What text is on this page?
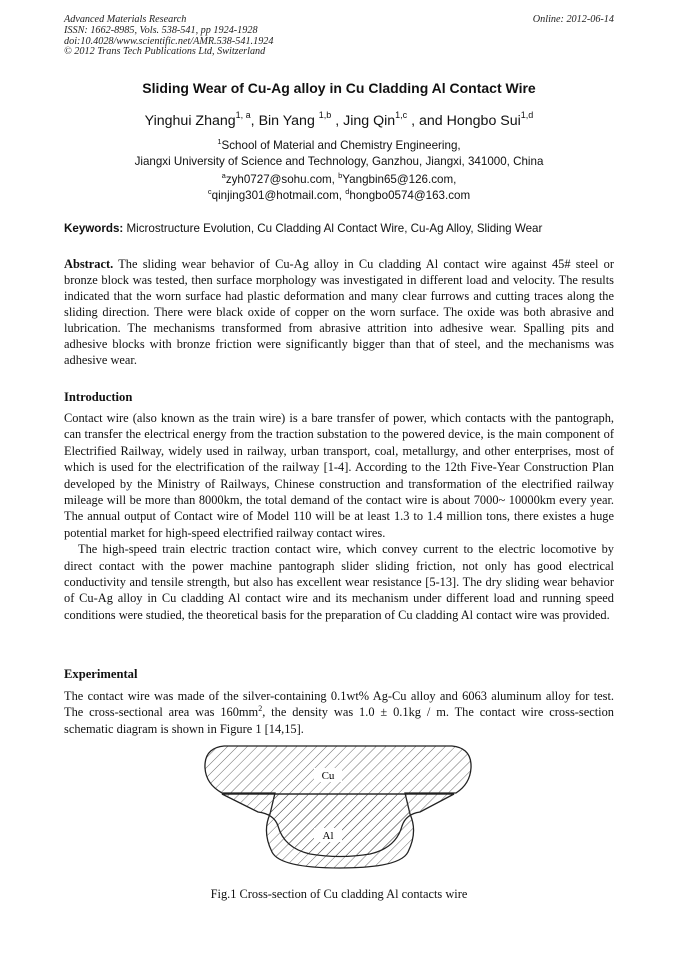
Advanced Materials Research
ISSN: 1662-8985, Vols. 538-541, pp 1924-1928
doi:10.4028/www.scientific.net/AMR.538-541.1924
© 2012 Trans Tech Publications Ltd, Switzerland
Online: 2012-06-14
Sliding Wear of Cu-Ag alloy in Cu Cladding Al Contact Wire
Yinghui Zhang$^{1, a}$, Bin Yang $^{1,b}$ , Jing Qin$^{1,c}$ , and Hongbo Sui$^{1,d}$
$^1$School of Material and Chemistry Engineering,
Jiangxi University of Science and Technology, Ganzhou, Jiangxi, 341000, China
$^a$zyh0727@sohu.com, $^b$Yangbin65@126.com,
$^c$qinjing301@hotmail.com, $^d$hongbo0574@163.com
Keywords: Microstructure Evolution, Cu Cladding Al Contact Wire, Cu-Ag Alloy, Sliding Wear
Abstract. The sliding wear behavior of Cu-Ag alloy in Cu cladding Al contact wire against 45# steel or bronze block was tested, then surface morphology was investigated in different load and velocity. The results indicated that the worn surface had plastic deformation and many clear furrows and cutting traces along the sliding direction. There were black oxide of copper on the worn surface. The oxide was both abrasive and lubrication. The mechanisms transformed from abrasive attrition into adhesive wear. Spalling pits and adhesive blocks with bronze friction were significantly bigger than that of steel, and the mechanisms was adhesive wear.
Introduction

Contact wire (also known as the train wire) is a bare transfer of power, which contacts with the pantograph, can transfer the electrical energy from the traction substation to the powered device, is the main component of Electrified Railway, widely used in railway, urban transport, coal, metallurgy, and other enterprises, most of which is used for the electrification of the railway [1-4]. According to the 12th Five-Year Construction Plan developed by the Ministry of Railways, Chinese construction and transformation of the electrified railway mileage will be more than 8000km, the total demand of the contact wire is about 7000~ 10000km every year. The annual output of Contact wire of Model 110 will be at least 1.3 to 1.4 million tons, there existes a huge potential market for high-speed electrified railway contact wires.

The high-speed train electric traction contact wire, which convey current to the electric locomotive by direct contact with the power machine pantograph slider sliding friction, not only has good electrical conductivity and tensile strength, but also has excellent wear resistance [5-13]. The dry sliding wear behavior of Cu-Ag alloy in Cu cladding Al contact wire and its mechanism under different load and running speed conditions were studied, the theoretical basis for the preparation of Cu cladding Al contact wire was provided.

Experimental

The contact wire was made of the silver-containing 0.1wt% Ag-Cu alloy and 6063 aluminum alloy for test. The cross-sectional area was $160mm^2$, the density was 1.0 ± 0.1kg / m. The contact wire cross-section schematic diagram is shown in Figure 1 [14,15].

Cu
Al
Fig.1 Cross-section of Cu cladding Al contacts wire
